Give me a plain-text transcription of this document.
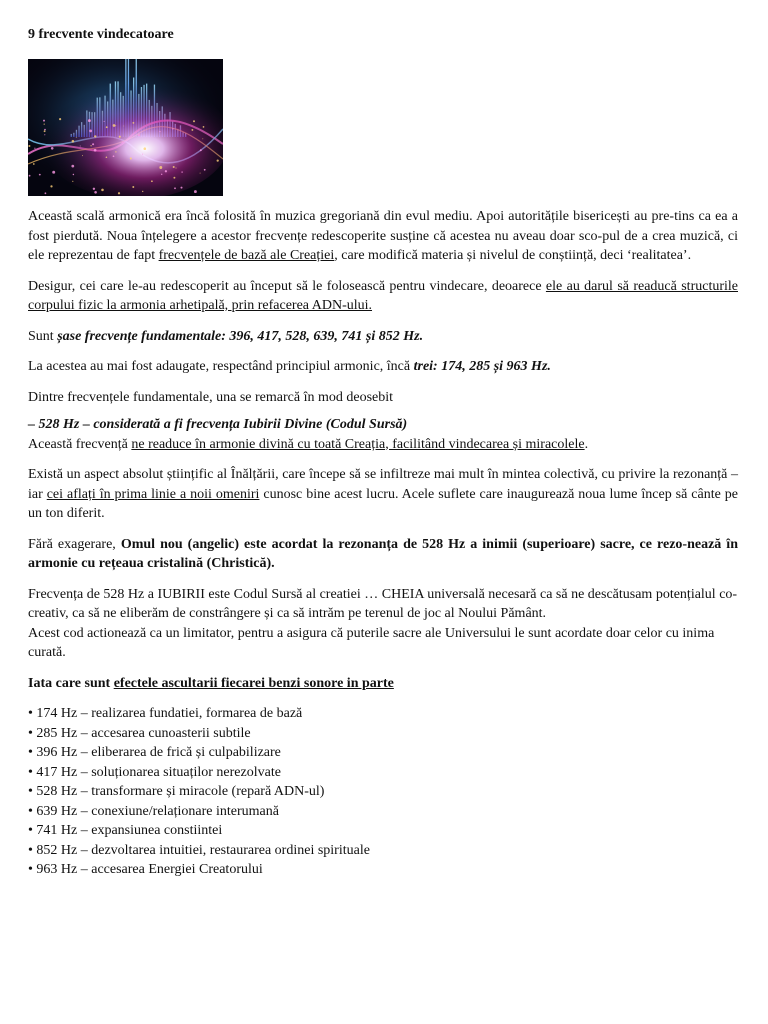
9 frecvente vindecatoare

Această scală armonică era încă folosită în muzica gregoriană din evul mediu. Apoi autoritățile bisericești au pre-tins ca ea a fost pierdută. Noua înțelegere a acestor frecvențe redescoperite susține că acestea nu aveau doar sco-pul de a crea muzică, ci ele reprezentau de fapt frecvențele de bază ale Creației, care modifică materia și nivelul de conștiință, deci ‘realitatea’.

Desigur, cei care le-au redescoperit au început să le folosească pentru vindecare, deoarece ele au darul să readucă structurile corpului fizic la armonia arhetipală, prin refacerea ADN-ului.

Sunt șase frecvențe fundamentale: 396, 417, 528, 639, 741 și 852 Hz.

La acestea au mai fost adaugate, respectând principiul armonic, încă trei: 174, 285 și 963 Hz.

Dintre frecvențele fundamentale, una se remarcă în mod deosebit

– 528 Hz – considerată a fi frecvența Iubirii Divine (Codul Sursă)
Această frecvență ne readuce în armonie divină cu toată Creația, facilitând vindecarea și miracolele.

Există un aspect absolut științific al Înălțării, care începe să se infiltreze mai mult în mintea colectivă, cu privire la rezonanță – iar cei aflați în prima linie a noii omeniri cunosc bine acest lucru. Acele suflete care inaugurează noua lume încep să cânte pe un ton diferit.

Fără exagerare, Omul nou (angelic) este acordat la rezonanța de 528 Hz a inimii (superioare) sacre, ce rezo-nează în armonie cu rețeaua cristalină (Christică).

Frecvența de 528 Hz a IUBIRII este Codul Sursă al creatiei … CHEIA universală necesară ca să ne descătusam potențialul co-creativ, ca să ne eliberăm de constrângere și ca să intrăm pe terenul de joc al Noului Pământ.
Acest cod actionează ca un limitator, pentru a asigura că puterile sacre ale Universului le sunt acordate doar celor cu inima curată.

Iata care sunt efectele ascultarii fiecarei benzi sonore in parte

• 174 Hz – realizarea fundatiei, formarea de bază
• 285 Hz – accesarea cunoasterii subtile
• 396 Hz – eliberarea de frică și culpabilizare
• 417 Hz – soluționarea situaților nerezolvate
• 528 Hz – transformare și miracole (repară ADN-ul)
• 639 Hz – conexiune/relaționare interumană
• 741 Hz – expansiunea constiintei
• 852 Hz – dezvoltarea intuitiei, restaurarea ordinei spirituale
• 963 Hz – accesarea Energiei Creatorului
